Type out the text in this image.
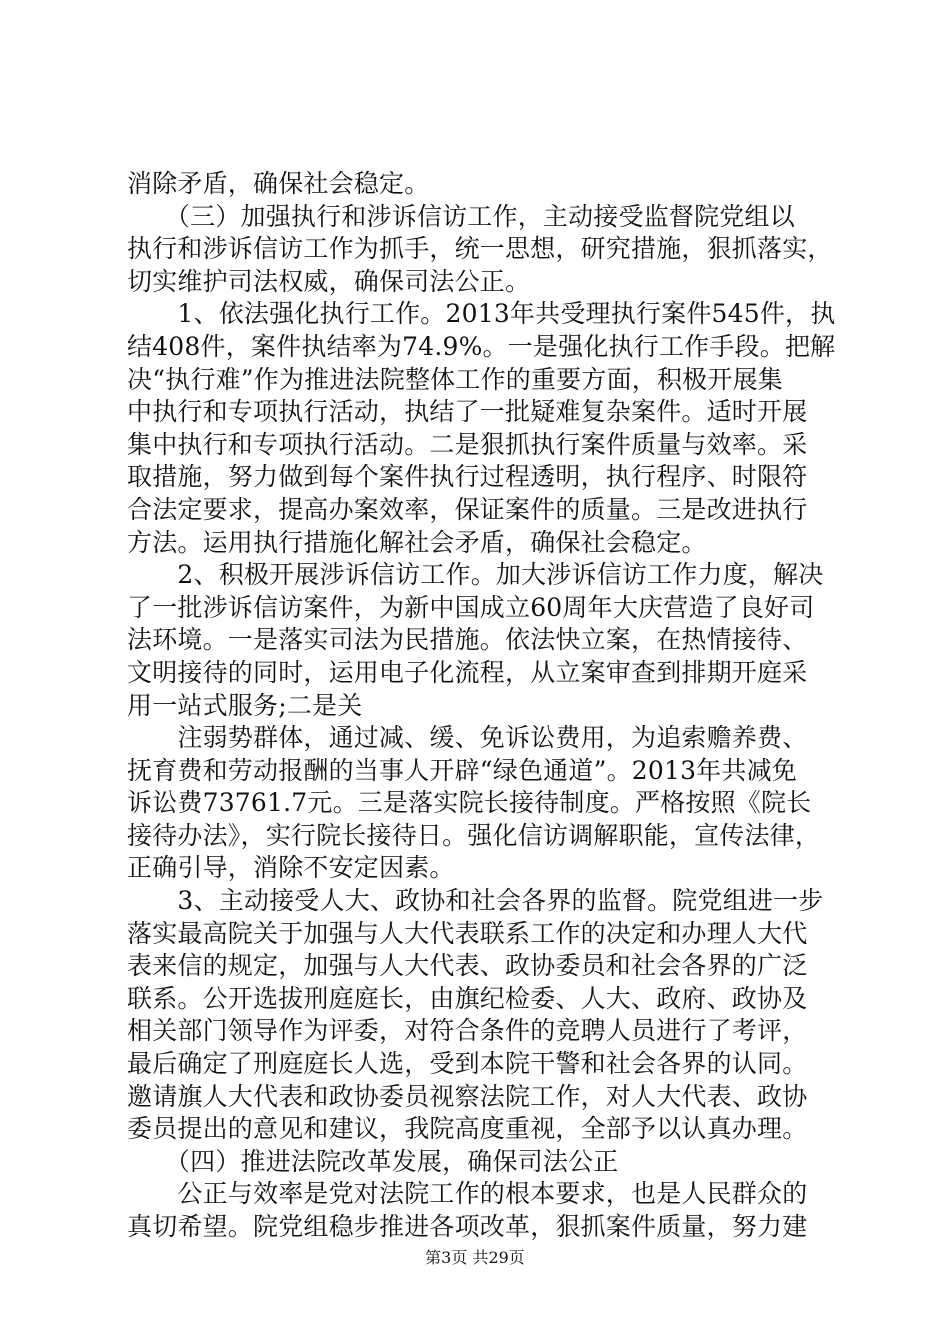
消除矛盾，确保社会稳定。
　　（三）加强执行和涉诉信访工作，主动接受监督院党组以
执行和涉诉信访工作为抓手，统一思想，研究措施，狠抓落实，
切实维护司法权威，确保司法公正。
　　1、依法强化执行工作。2013年共受理执行案件545件，执
结408件，案件执结率为74.9%。一是强化执行工作手段。把解
决“执行难”作为推进法院整体工作的重要方面，积极开展集
中执行和专项执行活动，执结了一批疑难复杂案件。适时开展
集中执行和专项执行活动。二是狠抓执行案件质量与效率。采
取措施，努力做到每个案件执行过程透明，执行程序、时限符
合法定要求，提高办案效率，保证案件的质量。三是改进执行
方法。运用执行措施化解社会矛盾，确保社会稳定。
　　2、积极开展涉诉信访工作。加大涉诉信访工作力度，解决
了一批涉诉信访案件，为新中国成立60周年大庆营造了良好司
法环境。一是落实司法为民措施。依法快立案，在热情接待、
文明接待的同时，运用电子化流程，从立案审查到排期开庭采
用一站式服务;二是关
　　注弱势群体，通过减、缓、免诉讼费用，为追索赡养费、
抚育费和劳动报酬的当事人开辟“绿色通道”。2013年共减免
诉讼费73761.7元。三是落实院长接待制度。严格按照《院长
接待办法》，实行院长接待日。强化信访调解职能，宣传法律，
正确引导，消除不安定因素。
　　3、主动接受人大、政协和社会各界的监督。院党组进一步
落实最高院关于加强与人大代表联系工作的决定和办理人大代
表来信的规定，加强与人大代表、政协委员和社会各界的广泛
联系。公开选拔刑庭庭长，由旗纪检委、人大、政府、政协及
相关部门领导作为评委，对符合条件的竞聘人员进行了考评，
最后确定了刑庭庭长人选，受到本院干警和社会各界的认同。
邀请旗人大代表和政协委员视察法院工作，对人大代表、政协
委员提出的意见和建议，我院高度重视，全部予以认真办理。
　　（四）推进法院改革发展，确保司法公正
　　公正与效率是党对法院工作的根本要求，也是人民群众的
真切希望。院党组稳步推进各项改革，狠抓案件质量，努力建
第3页 共29页
